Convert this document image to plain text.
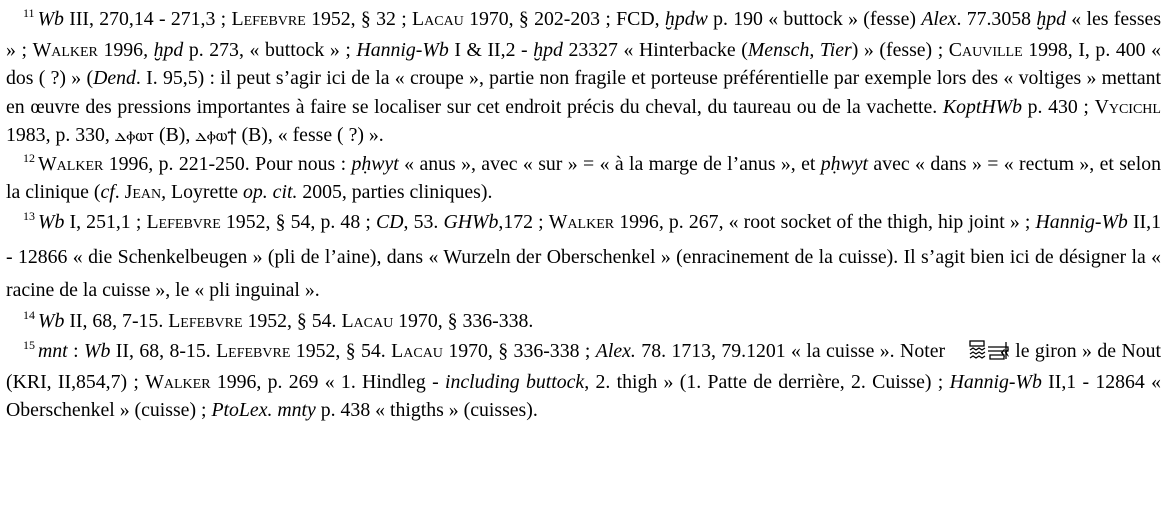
$^{11}$ Wb III, 270,14 - 271,3 ; Lefebvre 1952, § 32 ; Lacau 1970, § 202-203 ; FCD, ḫpdw p. 190 « buttock » (fesse) Alex. 77.3058 ḫpd « les fesses » ; Walker 1996, ḫpd p. 273, « buttock » ; Hannig-Wb I & II,2 - ḫpd 23327 « Hinterbacke (Mensch, Tier) » (fesse) ; Cauville 1998, I, p. 400 « dos ( ?) » (Dend. I. 95,5) : il peut s’agir ici de la « croupe », partie non fragile et porteuse préférentielle par exemple lors des « voltiges » mettant en œuvre des pressions importantes à faire se localiser sur cet endroit précis du cheval, du taureau ou de la vachette. KoptHWb p. 430 ; Vycichl 1983, p. 330, ⲇⲫⲱⲧ (B), ⲇⲫⲱϯ (B), « fesse ( ?) ».

$^{12}$ Walker 1996, p. 221-250. Pour nous : pḥwyt « anus », avec « sur » = « à la marge de l’anus », et pḥwyt avec « dans » = « rectum », et selon la clinique (cf. Jean, Loyrette op. cit. 2005, parties cliniques).

$^{13}$ Wb I, 251,1 ; Lefebvre 1952, § 54, p. 48 ; CD, 53. GHWb,172 ; Walker 1996, p. 267, « root socket of the thigh, hip joint » ; Hannig-Wb II,1 - 12866 « die Schenkelbeugen » (pli de l’aine), dans « Wurzeln der Oberschenkel » (enracinement de la cuisse). Il s’agit bien ici de désigner la « racine de la cuisse », le « pli inguinal ».

$^{14}$ Wb II, 68, 7-15. Lefebvre 1952, § 54. Lacau 1970, § 336-338.

$^{15}$ mnt : Wb II, 68, 8-15. Lefebvre 1952, § 54. Lacau 1970, § 336-338 ; Alex. 78. 1713, 79.1201 « la cuisse ». Noter  « le giron » de Nout (KRI, II,854,7) ; Walker 1996, p. 269 « 1. Hindleg - including buttock, 2. thigh » (1. Patte de derrière, 2. Cuisse) ; Hannig-Wb II,1 - 12864 « Oberschenkel » (cuisse) ; PtoLex. mnty p. 438 « thigths » (cuisses).
